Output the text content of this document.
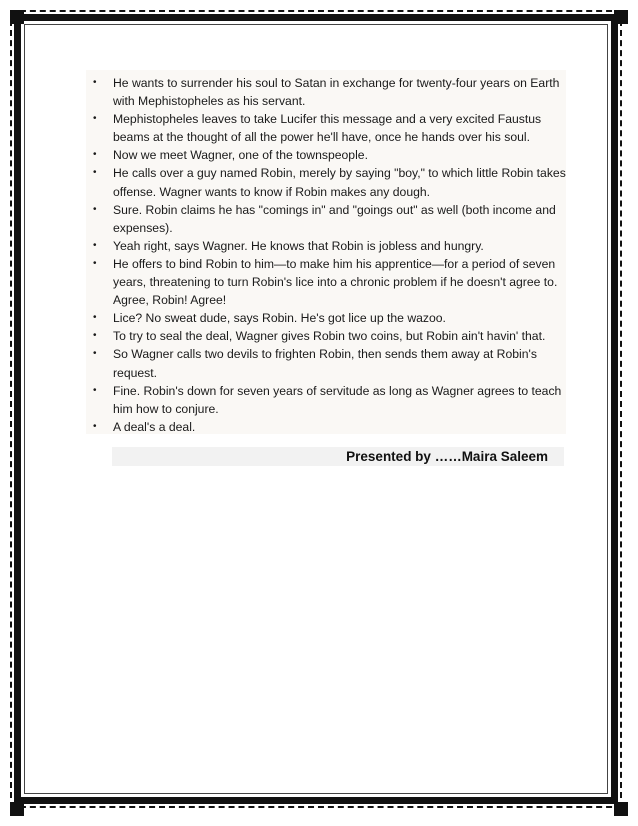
• He wants to surrender his soul to Satan in exchange for twenty-four years on Earth with Mephistopheles as his servant.
• Mephistopheles leaves to take Lucifer this message and a very excited Faustus beams at the thought of all the power he'll have, once he hands over his soul.
• Now we meet Wagner, one of the townspeople.
• He calls over a guy named Robin, merely by saying "boy," to which little Robin takes offense. Wagner wants to know if Robin makes any dough.
• Sure. Robin claims he has "comings in" and "goings out" as well (both income and expenses).
• Yeah right, says Wagner. He knows that Robin is jobless and hungry.
• He offers to bind Robin to him—to make him his apprentice—for a period of seven years, threatening to turn Robin's lice into a chronic problem if he doesn't agree to. Agree, Robin! Agree!
• Lice? No sweat dude, says Robin. He's got lice up the wazoo.
• To try to seal the deal, Wagner gives Robin two coins, but Robin ain't havin' that.
• So Wagner calls two devils to frighten Robin, then sends them away at Robin's request.
• Fine. Robin's down for seven years of servitude as long as Wagner agrees to teach him how to conjure.
• A deal's a deal.
Presented by ……Maira Saleem
